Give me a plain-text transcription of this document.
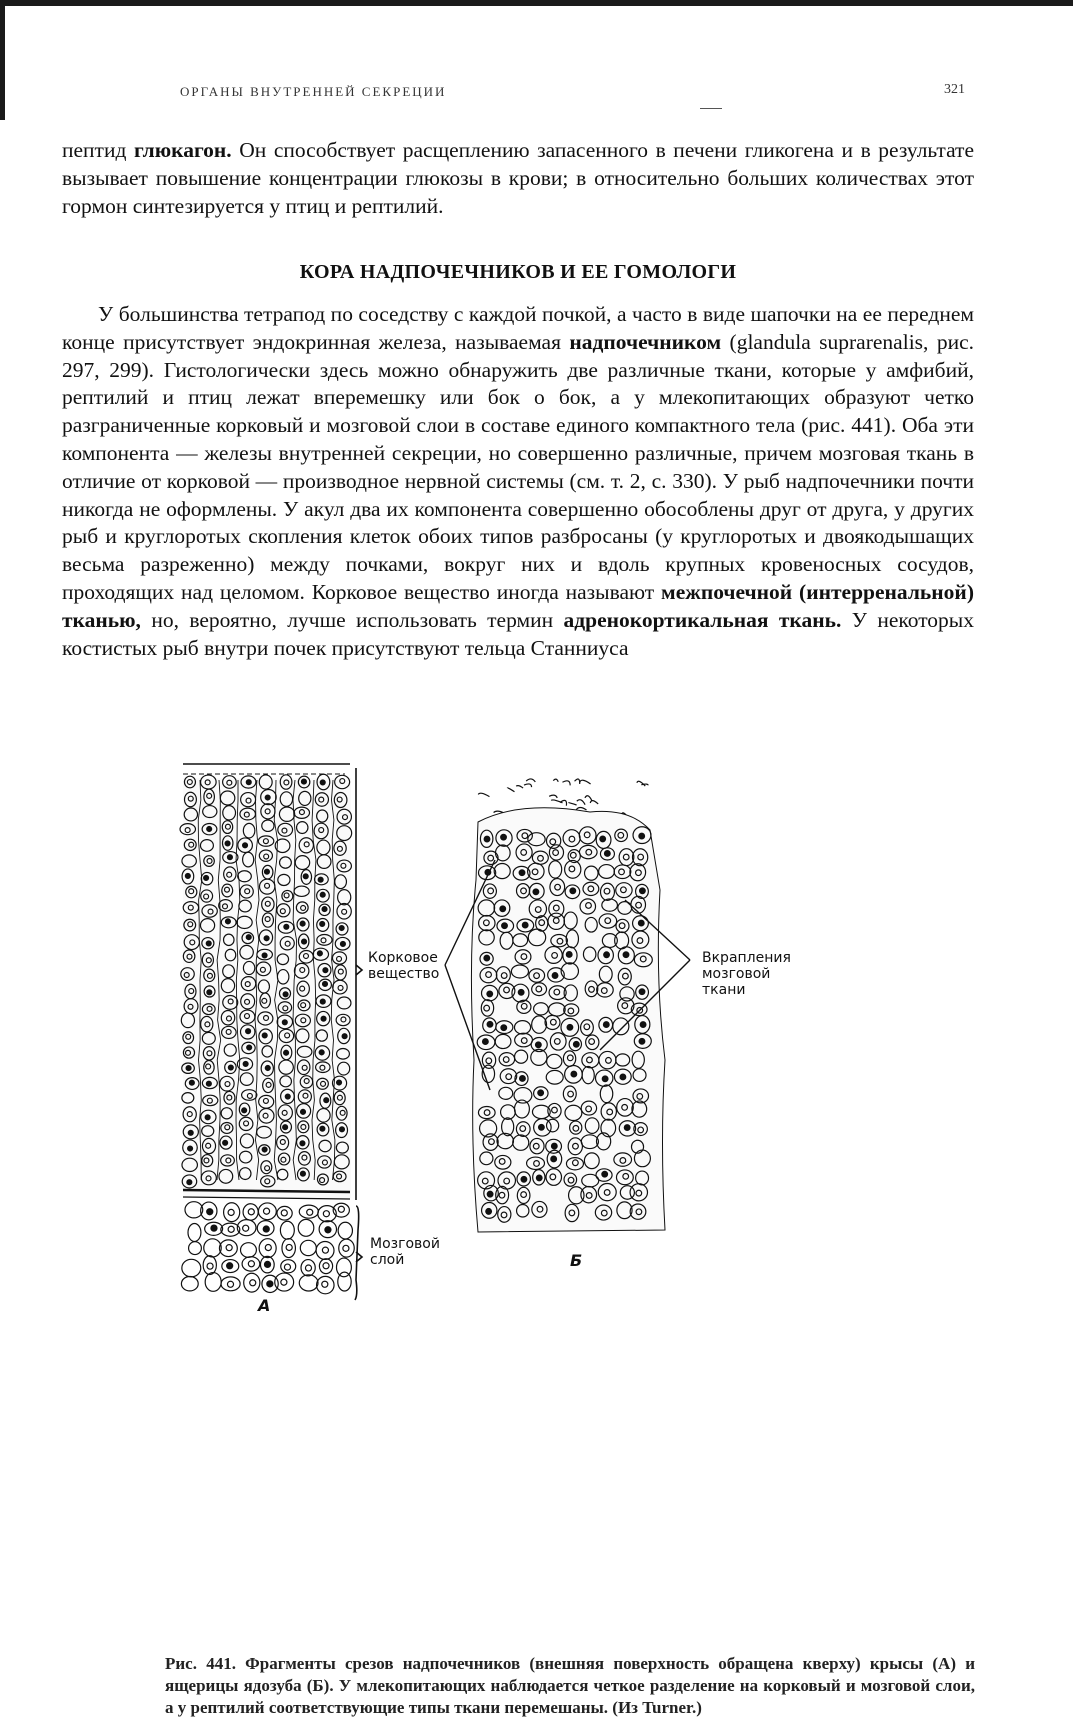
ОРГАНЫ ВНУТРЕННЕЙ СЕКРЕЦИИ	321

пептид глюкагон. Он способствует расщеплению запасенного в печени гликогена и в результате вызывает повышение концентрации глюкозы в крови; в относительно больших количествах этот гормон синтезируется у птиц и рептилий.

КОРА НАДПОЧЕЧНИКОВ И ЕЕ ГОМОЛОГИ

У большинства тетрапод по соседству с каждой почкой, а часто в виде шапочки на ее переднем конце присутствует эндокринная железа, называемая надпочечником (glandula suprarenalis, рис. 297, 299). Гистологически здесь можно обнаружить две различные ткани, которые у амфибий, рептилий и птиц лежат вперемешку или бок о бок, а у млекопитающих образуют четко разграниченные корковый и мозговой слои в составе единого компактного тела (рис. 441). Оба эти компонента — железы внутренней секреции, но совершенно различные, причем мозговая ткань в отличие от корковой — производное нервной системы (см. т. 2, с. 330). У рыб надпочечники почти никогда не оформлены. У акул два их компонента совершенно обособлены друг от друга, у других рыб и круглоротых скопления клеток обоих типов разбросаны (у круглоротых и двоякодышащих весьма разреженно) между почками, вокруг них и вдоль крупных кровеносных сосудов, проходящих над целомом. Корковое вещество иногда называют межпочечной (интерренальной) тканью, но, вероятно, лучше использовать термин адренокортикальная ткань. У некоторых костистых рыб внутри почек присутствуют тельца Станниуса

Корковое
вещество
Мозговой
слой
Вкрапления
мозговой
ткани
А
Б
Рис. 441. Фрагменты срезов надпочечников (внешняя поверхность обращена кверху) крысы (А) и ящерицы ядозуба (Б). У млекопитающих наблюдается четкое разделение на корковый и мозговой слои, а у рептилий соответствующие типы ткани перемешаны. (Из Turner.)
